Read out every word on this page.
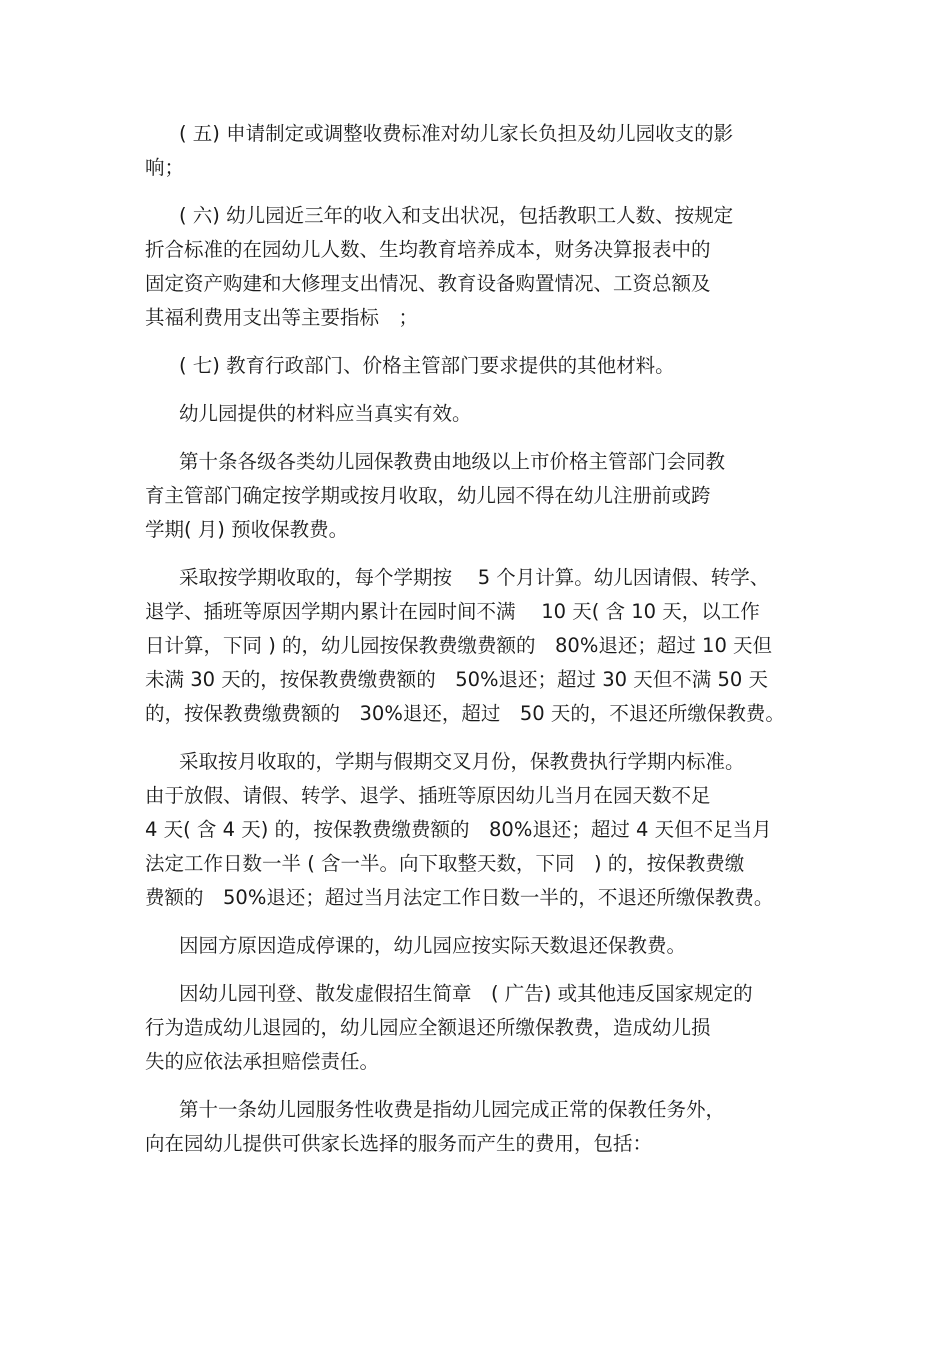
( 五) 申请制定或调整收费标准对幼儿家长负担及幼儿园收支的影
响；
( 六) 幼儿园近三年的收入和支出状况，包括教职工人数、按规定
折合标准的在园幼儿人数、生均教育培养成本，财务决算报表中的
固定资产购建和大修理支出情况、教育设备购置情况、工资总额及
其福利费用支出等主要指标　；
( 七) 教育行政部门、价格主管部门要求提供的其他材料。
幼儿园提供的材料应当真实有效。
第十条各级各类幼儿园保教费由地级以上市价格主管部门会同教
育主管部门确定按学期或按月收取，幼儿园不得在幼儿注册前或跨
学期( 月) 预收保教费。
采取按学期收取的，每个学期按　 5 个月计算。幼儿因请假、转学、
退学、插班等原因学期内累计在园时间不满　 10 天( 含 10 天，以工作
日计算，下同 ) 的，幼儿园按保教费缴费额的　80%退还；超过 10 天但
未满 30 天的，按保教费缴费额的　50%退还；超过 30 天但不满 50 天
的，按保教费缴费额的　30%退还，超过　50 天的，不退还所缴保教费。
采取按月收取的，学期与假期交叉月份，保教费执行学期内标准。
由于放假、请假、转学、退学、插班等原因幼儿当月在园天数不足
4 天( 含 4 天) 的，按保教费缴费额的　80%退还；超过 4 天但不足当月
法定工作日数一半 ( 含一半。向下取整天数，下同　) 的，按保教费缴
费额的　50%退还；超过当月法定工作日数一半的，不退还所缴保教费。
因园方原因造成停课的，幼儿园应按实际天数退还保教费。
因幼儿园刊登、散发虚假招生简章　( 广告) 或其他违反国家规定的
行为造成幼儿退园的，幼儿园应全额退还所缴保教费，造成幼儿损
失的应依法承担赔偿责任。
第十一条幼儿园服务性收费是指幼儿园完成正常的保教任务外，
向在园幼儿提供可供家长选择的服务而产生的费用，包括：
